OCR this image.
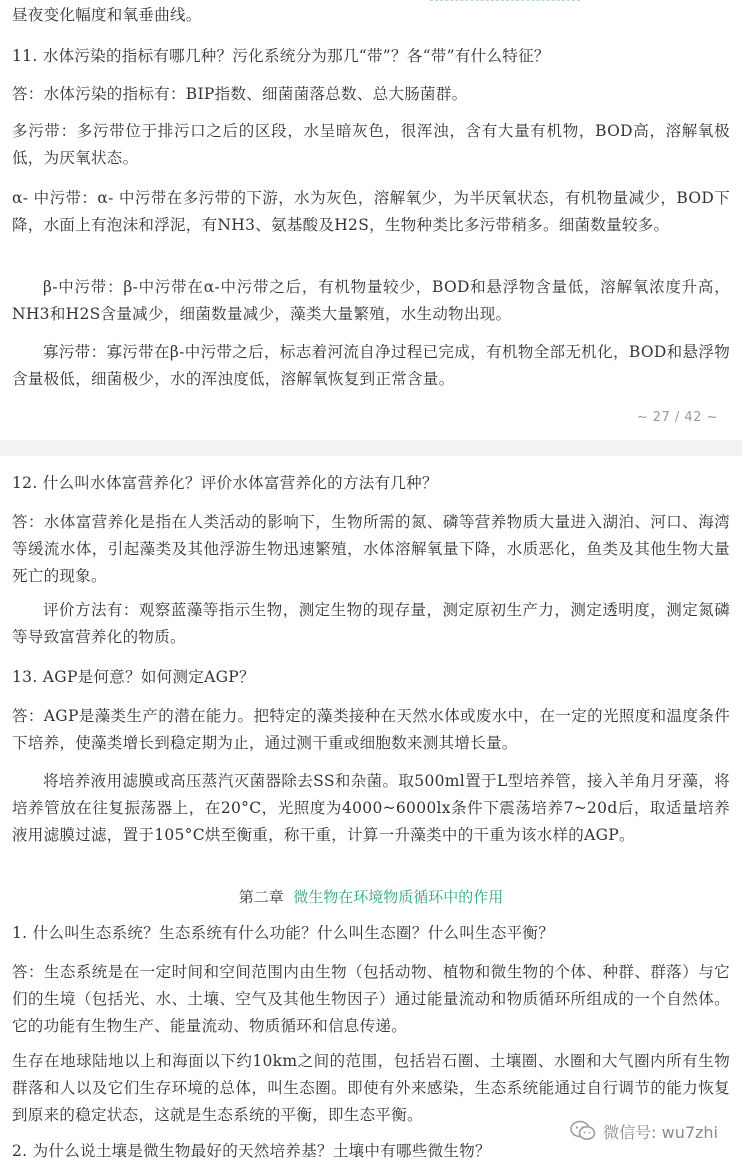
昼夜变化幅度和氧垂曲线。

11. 水体污染的指标有哪几种？污化系统分为那几“带”？各“带”有什么特征？

答：水体污染的指标有：BIP指数、细菌菌落总数、总大肠菌群。

多污带：多污带位于排污口之后的区段，水呈暗灰色，很浑浊，含有大量有机物，BOD高，溶解氧极低，为厌氧状态。

α- 中污带：α- 中污带在多污带的下游，水为灰色，溶解氧少，为半厌氧状态，有机物量减少，BOD下降，水面上有泡沫和浮泥，有NH3、氨基酸及H2S，生物种类比多污带稍多。细菌数量较多。

β-中污带：β-中污带在α-中污带之后，有机物量较少，BOD和悬浮物含量低，溶解氧浓度升高，NH3和H2S含量减少，细菌数量减少，藻类大量繁殖，水生动物出现。

寡污带：寡污带在β-中污带之后，标志着河流自净过程已完成，有机物全部无机化，BOD和悬浮物含量极低，细菌极少，水的浑浊度低，溶解氧恢复到正常含量。

~ 27 / 42 ~

12. 什么叫水体富营养化？评价水体富营养化的方法有几种？

答：水体富营养化是指在人类活动的影响下，生物所需的氮、磷等营养物质大量进入湖泊、河口、海湾等缓流水体，引起藻类及其他浮游生物迅速繁殖，水体溶解氧量下降，水质恶化，鱼类及其他生物大量死亡的现象。

评价方法有：观察蓝藻等指示生物，测定生物的现存量，测定原初生产力，测定透明度，测定氮磷等导致富营养化的物质。

13. AGP是何意？如何测定AGP？

答：AGP是藻类生产的潜在能力。把特定的藻类接种在天然水体或废水中，在一定的光照度和温度条件下培养，使藻类增长到稳定期为止，通过测干重或细胞数来测其增长量。

将培养液用滤膜或高压蒸汽灭菌器除去SS和杂菌。取500ml置于L型培养管，接入羊角月牙藻，将培养管放在往复振荡器上，在20°C，光照度为4000~6000lx条件下震荡培养7~20d后，取适量培养液用滤膜过滤，置于105°C烘至衡重，称干重，计算一升藻类中的干重为该水样的AGP。

第二章 微生物在环境物质循环中的作用

1. 什么叫生态系统？生态系统有什么功能？什么叫生态圈？什么叫生态平衡？

答：生态系统是在一定时间和空间范围内由生物（包括动物、植物和微生物的个体、种群、群落）与它们的生境（包括光、水、土壤、空气及其他生物因子）通过能量流动和物质循环所组成的一个自然体。它的功能有生物生产、能量流动、物质循环和信息传递。

生存在地球陆地以上和海面以下约10km之间的范围，包括岩石圈、土壤圈、水圈和大气圈内所有生物群落和人以及它们生存环境的总体，叫生态圈。即使有外来感染，生态系统能通过自行调节的能力恢复到原来的稳定状态，这就是生态系统的平衡，即生态平衡。

2. 为什么说土壤是微生物最好的天然培养基？土壤中有哪些微生物？

微信号: wu7zhi
